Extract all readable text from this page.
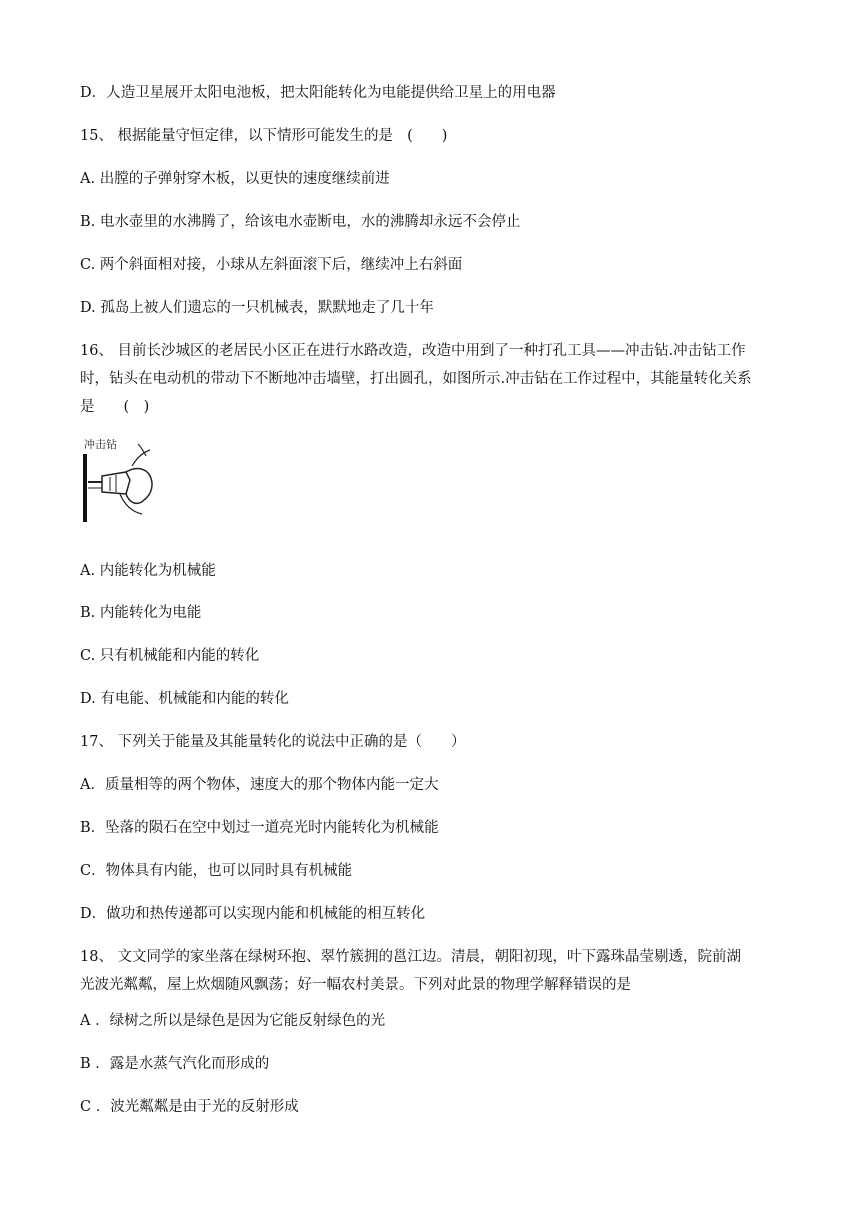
D．人造卫星展开太阳电池板，把太阳能转化为电能提供给卫星上的用电器
15、 根据能量守恒定律，以下情形可能发生的是 (　　)
A. 出膛的子弹射穿木板，以更快的速度继续前进
B. 电水壶里的水沸腾了，给该电水壶断电，水的沸腾却永远不会停止
C. 两个斜面相对接，小球从左斜面滚下后，继续冲上右斜面
D. 孤岛上被人们遗忘的一只机械表，默默地走了几十年
16、 目前长沙城区的老居民小区正在进行水路改造，改造中用到了一种打孔工具——冲击钻.冲击钻工作
时，钻头在电动机的带动下不断地冲击墙壁，打出圆孔，如图所示.冲击钻在工作过程中，其能量转化关系
是　　(　)
冲击钻
A. 内能转化为机械能
B. 内能转化为电能
C. 只有机械能和内能的转化
D. 有电能、机械能和内能的转化
17、 下列关于能量及其能量转化的说法中正确的是（　　）
A．质量相等的两个物体，速度大的那个物体内能一定大
B．坠落的陨石在空中划过一道亮光时内能转化为机械能
C．物体具有内能，也可以同时具有机械能
D．做功和热传递都可以实现内能和机械能的相互转化
18、 文文同学的家坐落在绿树环抱、翠竹簇拥的邕江边。清晨，朝阳初现，叶下露珠晶莹剔透，院前湖
光波光粼粼，屋上炊烟随风飘荡；好一幅农村美景。下列对此景的物理学解释错误的是
A ．绿树之所以是绿色是因为它能反射绿色的光
B ．露是水蒸气汽化而形成的
C ．波光粼粼是由于光的反射形成
